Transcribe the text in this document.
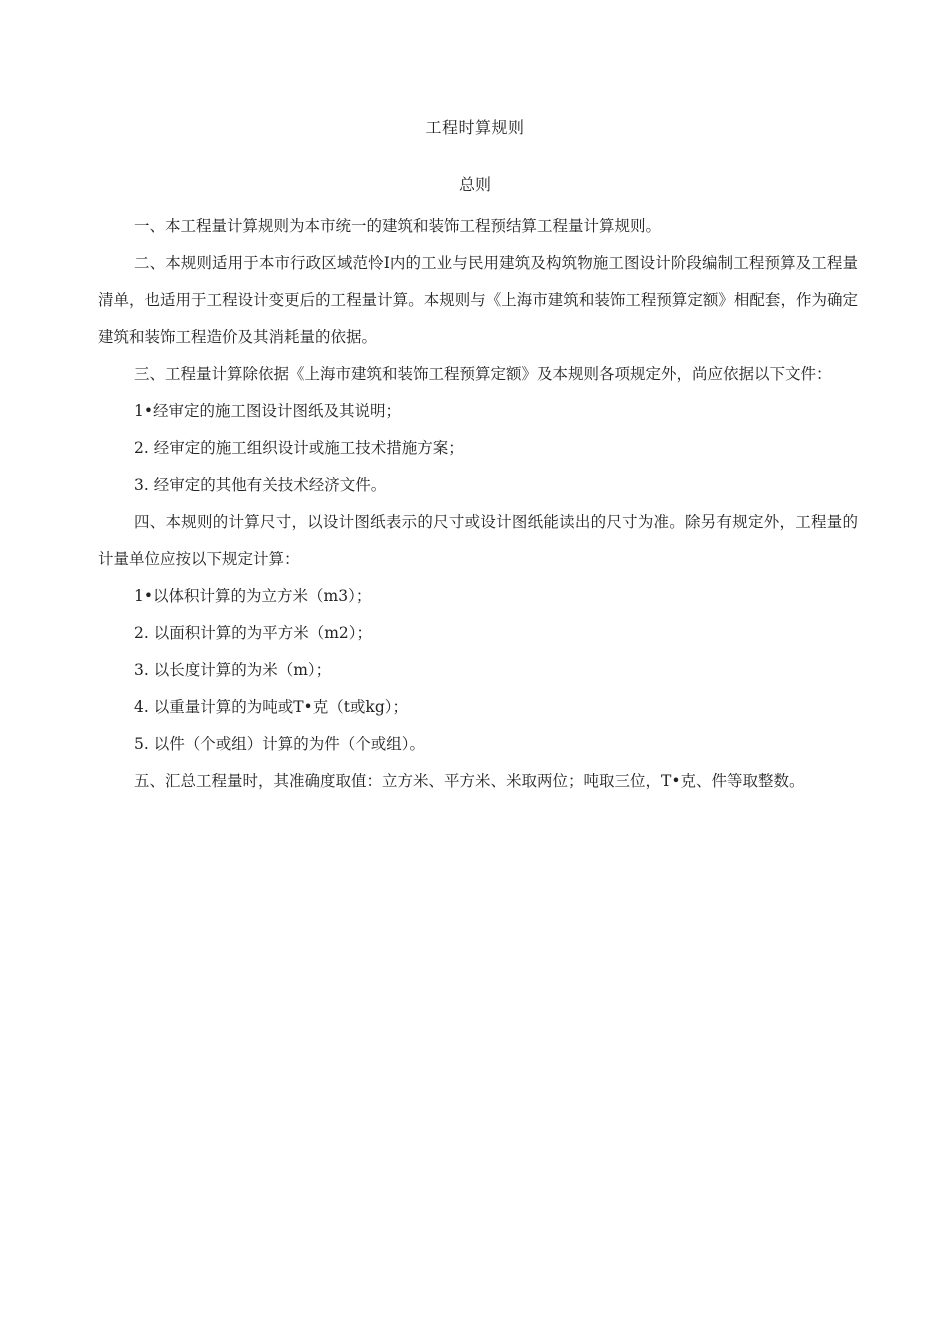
工程时算规则
总则

一、本工程量计算规则为本市统一的建筑和装饰工程预结算工程量计算规则。

二、本规则适用于本市行政区域范怜I内的工业与民用建筑及构筑物施工图设计阶段编制工程预算及工程量清单，也适用于工程设计变更后的工程量计算。本规则与《上海市建筑和装饰工程预算定额》相配套，作为确定建筑和装饰工程造价及其消耗量的依据。

三、工程量计算除依据《上海市建筑和装饰工程预算定额》及本规则各项规定外，尚应依据以下文件：

1•经审定的施工图设计图纸及其说明；

2. 经审定的施工组织设计或施工技术措施方案；

3. 经审定的其他有关技术经济文件。

四、本规则的计算尺寸，以设计图纸表示的尺寸或设计图纸能读出的尺寸为准。除另有规定外，工程量的计量单位应按以下规定计算：

1•以体积计算的为立方米（m3）；

2. 以面积计算的为平方米（m2）；

3. 以长度计算的为米（m）；

4. 以重量计算的为吨或T•克（t或kg）；

5. 以件（个或组）计算的为件（个或组）。

五、汇总工程量时，其准确度取值：立方米、平方米、米取两位；吨取三位，T•克、件等取整数。
